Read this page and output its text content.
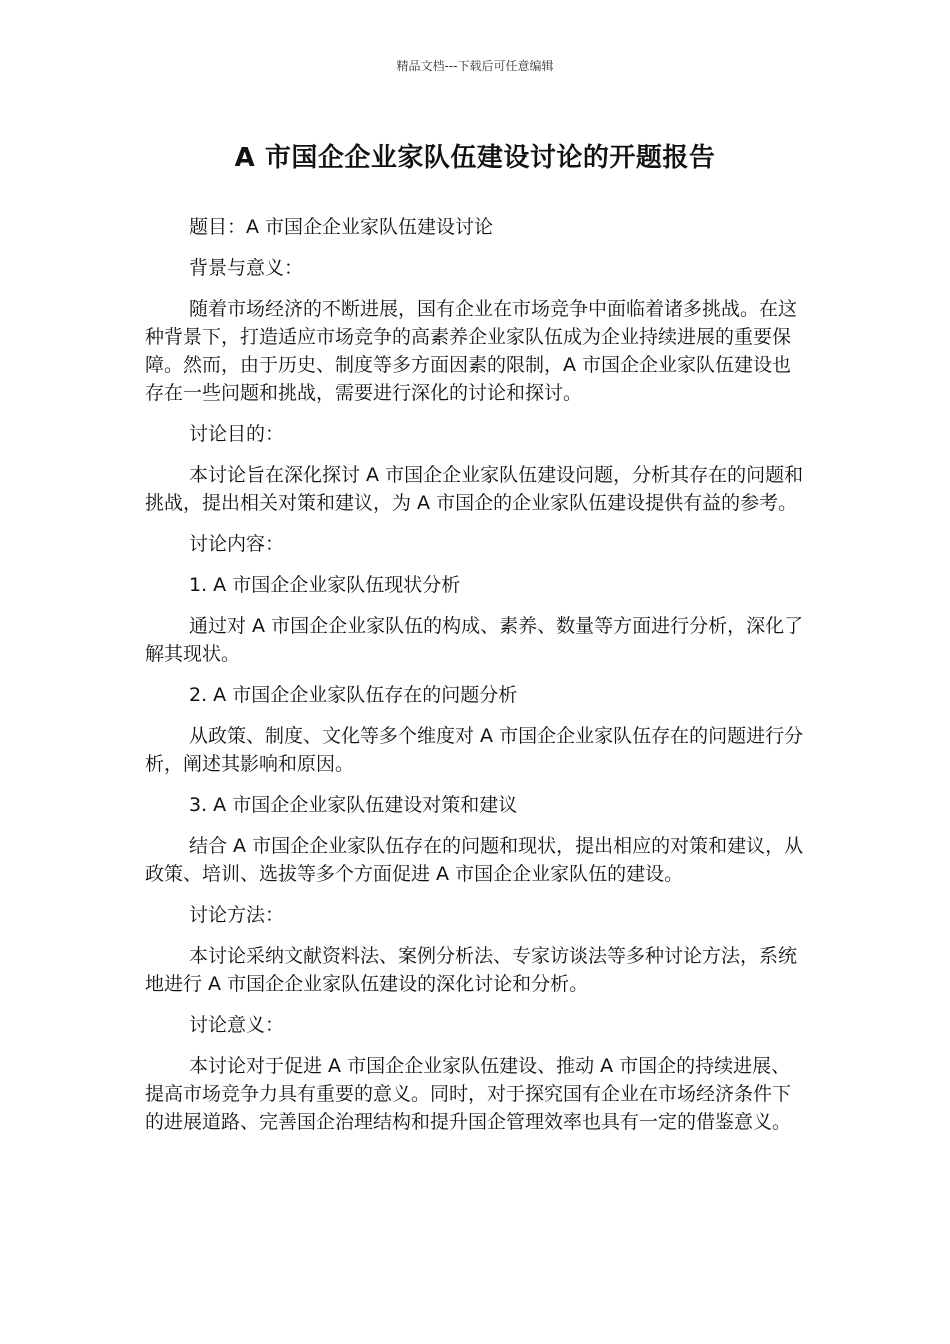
精品文档---下载后可任意编辑
A 市国企企业家队伍建设讨论的开题报告

题目：A 市国企企业家队伍建设讨论

背景与意义：

随着市场经济的不断进展，国有企业在市场竞争中面临着诸多挑战。在这种背景下，打造适应市场竞争的高素养企业家队伍成为企业持续进展的重要保障。然而，由于历史、制度等多方面因素的限制，A 市国企企业家队伍建设也存在一些问题和挑战，需要进行深化的讨论和探讨。

讨论目的：

本讨论旨在深化探讨 A 市国企企业家队伍建设问题，分析其存在的问题和挑战，提出相关对策和建议，为 A 市国企的企业家队伍建设提供有益的参考。

讨论内容：

1. A 市国企企业家队伍现状分析

通过对 A 市国企企业家队伍的构成、素养、数量等方面进行分析，深化了解其现状。

2. A 市国企企业家队伍存在的问题分析

从政策、制度、文化等多个维度对 A 市国企企业家队伍存在的问题进行分析，阐述其影响和原因。

3. A 市国企企业家队伍建设对策和建议

结合 A 市国企企业家队伍存在的问题和现状，提出相应的对策和建议，从政策、培训、选拔等多个方面促进 A 市国企企业家队伍的建设。

讨论方法：

本讨论采纳文献资料法、案例分析法、专家访谈法等多种讨论方法，系统地进行 A 市国企企业家队伍建设的深化讨论和分析。

讨论意义：

本讨论对于促进 A 市国企企业家队伍建设、推动 A 市国企的持续进展、提高市场竞争力具有重要的意义。同时，对于探究国有企业在市场经济条件下的进展道路、完善国企治理结构和提升国企管理效率也具有一定的借鉴意义。
